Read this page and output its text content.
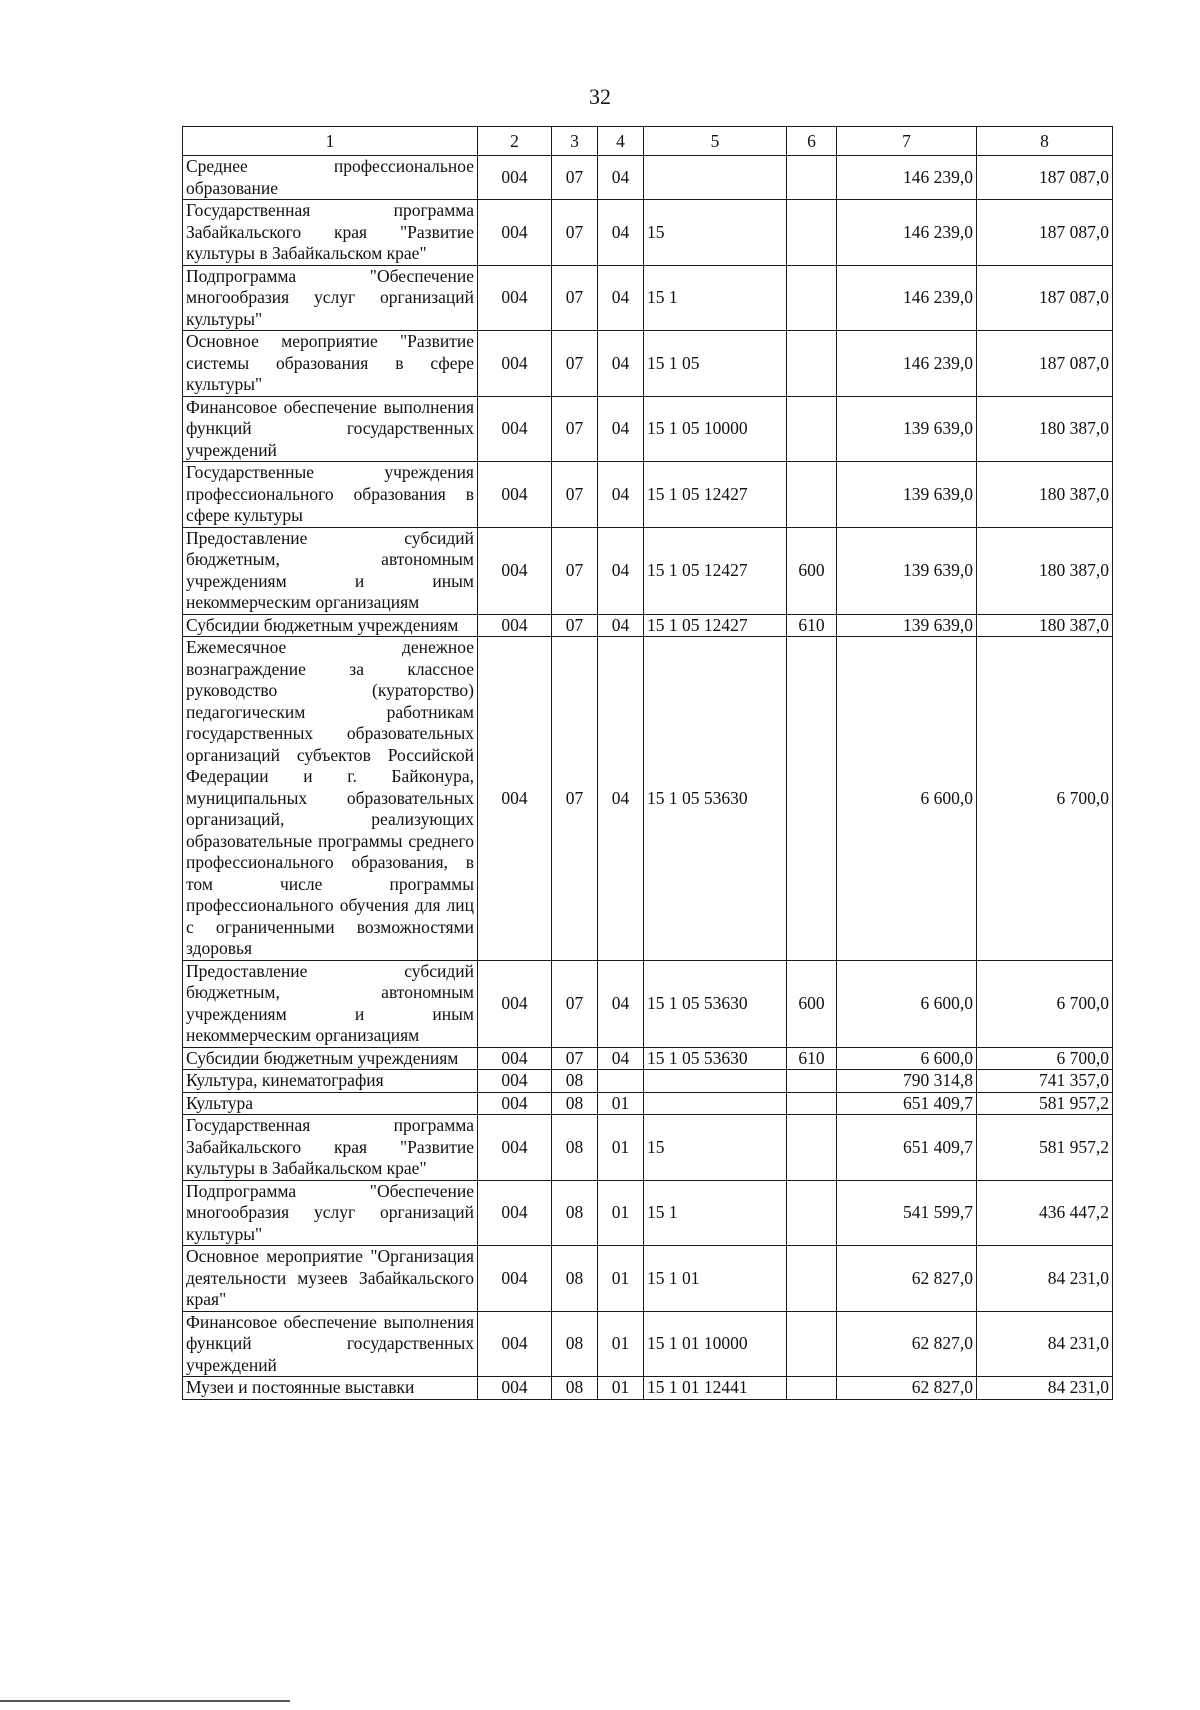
32
1	2	3	4	5	6	7	8
Среднее профессиональное образование	004	07	04			146 239,0	187 087,0
Государственная программа Забайкальского края "Развитие культуры в Забайкальском крае"	004	07	04	15		146 239,0	187 087,0
Подпрограмма "Обеспечение многообразия услуг организаций культуры"	004	07	04	15 1		146 239,0	187 087,0
Основное мероприятие "Развитие системы образования в сфере культуры"	004	07	04	15 1 05		146 239,0	187 087,0
Финансовое обеспечение выполнения функций государственных учреждений	004	07	04	15 1 05 10000		139 639,0	180 387,0
Государственные учреждения профессионального образования в сфере культуры	004	07	04	15 1 05 12427		139 639,0	180 387,0
Предоставление субсидий бюджетным, автономным учреждениям и иным некоммерческим организациям	004	07	04	15 1 05 12427	600	139 639,0	180 387,0
Субсидии бюджетным учреждениям	004	07	04	15 1 05 12427	610	139 639,0	180 387,0
Ежемесячное денежное вознаграждение за классное руководство (кураторство) педагогическим работникам государственных образовательных организаций субъектов Российской Федерации и г. Байконура, муниципальных образовательных организаций, реализующих образовательные программы среднего профессионального образования, в том числе программы профессионального обучения для лиц с ограниченными возможностями здоровья	004	07	04	15 1 05 53630		6 600,0	6 700,0
Предоставление субсидий бюджетным, автономным учреждениям и иным некоммерческим организациям	004	07	04	15 1 05 53630	600	6 600,0	6 700,0
Субсидии бюджетным учреждениям	004	07	04	15 1 05 53630	610	6 600,0	6 700,0
Культура, кинематография	004	08				790 314,8	741 357,0
Культура	004	08	01			651 409,7	581 957,2
Государственная программа Забайкальского края "Развитие культуры в Забайкальском крае"	004	08	01	15		651 409,7	581 957,2
Подпрограмма "Обеспечение многообразия услуг организаций культуры"	004	08	01	15 1		541 599,7	436 447,2
Основное мероприятие "Организация деятельности музеев Забайкальского края"	004	08	01	15 1 01		62 827,0	84 231,0
Финансовое обеспечение выполнения функций государственных учреждений	004	08	01	15 1 01 10000		62 827,0	84 231,0
Музеи и постоянные выставки	004	08	01	15 1 01 12441		62 827,0	84 231,0
